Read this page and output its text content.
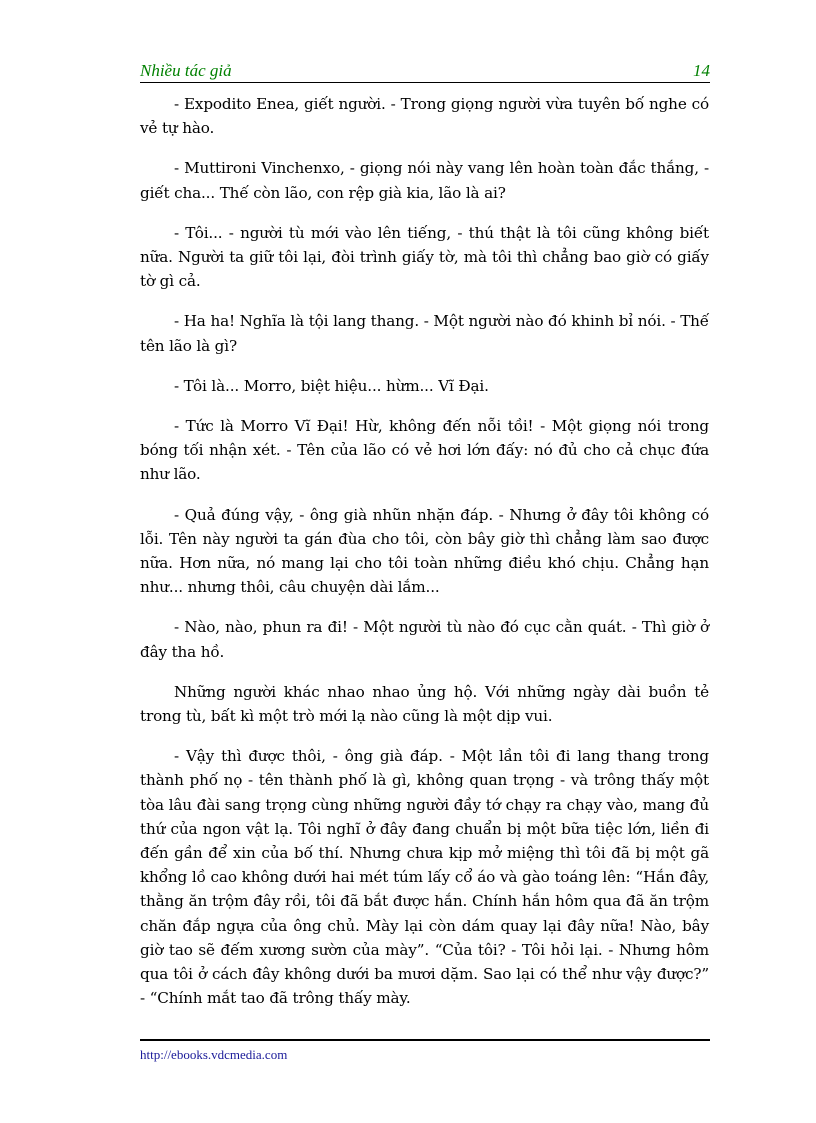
Nhiều tác giả	14

- Expodito Enea, giết người. - Trong giọng người vừa tuyên bố nghe có vẻ tự hào.

- Muttironi Vinchenxo, - giọng nói này vang lên hoàn toàn đắc thắng, - giết cha... Thế còn lão, con rệp già kia, lão là ai?

- Tôi... - người tù mới vào lên tiếng, - thú thật là tôi cũng không biết nữa. Người ta giữ tôi lại, đòi trình giấy tờ, mà tôi thì chẳng bao giờ có giấy tờ gì cả.

- Ha ha! Nghĩa là tội lang thang. - Một người nào đó khinh bỉ nói. - Thế tên lão là gì?

- Tôi là... Morro, biệt hiệu... hừm... Vĩ Đại.

- Tức là Morro Vĩ Đại! Hừ, không đến nỗi tồi! - Một giọng nói trong bóng tối nhận xét. - Tên của lão có vẻ hơi lớn đấy: nó đủ cho cả chục đứa như lão.

- Quả đúng vậy, - ông già nhũn nhặn đáp. - Nhưng ở đây tôi không có lỗi. Tên này người ta gán đùa cho tôi, còn bây giờ thì chẳng làm sao được nữa. Hơn nữa, nó mang lại cho tôi toàn những điều khó chịu. Chẳng hạn như... nhưng thôi, câu chuyện dài lắm...

- Nào, nào, phun ra đi! - Một người tù nào đó cục cằn quát. - Thì giờ ở đây tha hồ.

Những người khác nhao nhao ủng hộ. Với những ngày dài buồn tẻ trong tù, bất kì một trò mới lạ nào cũng là một dịp vui.

- Vậy thì được thôi, - ông già đáp. - Một lần tôi đi lang thang trong thành phố nọ - tên thành phố là gì, không quan trọng - và trông thấy một tòa lâu đài sang trọng cùng những người đầy tớ chạy ra chạy vào, mang đủ thứ của ngon vật lạ. Tôi nghĩ ở đây đang chuẩn bị một bữa tiệc lớn, liền đi đến gần để xin của bố thí. Nhưng chưa kịp mở miệng thì tôi đã bị một gã khổng lồ cao không dưới hai mét túm lấy cổ áo và gào toáng lên: “Hắn đây, thằng ăn trộm đây rồi, tôi đã bắt được hắn. Chính hắn hôm qua đã ăn trộm chăn đắp ngựa của ông chủ. Mày lại còn dám quay lại đây nữa! Nào, bây giờ tao sẽ đếm xương sườn của mày”. “Của tôi? - Tôi hỏi lại. - Nhưng hôm qua tôi ở cách đây không dưới ba mươi dặm. Sao lại có thể như vậy được?” - “Chính mắt tao đã trông thấy mày.

http://ebooks.vdcmedia.com
